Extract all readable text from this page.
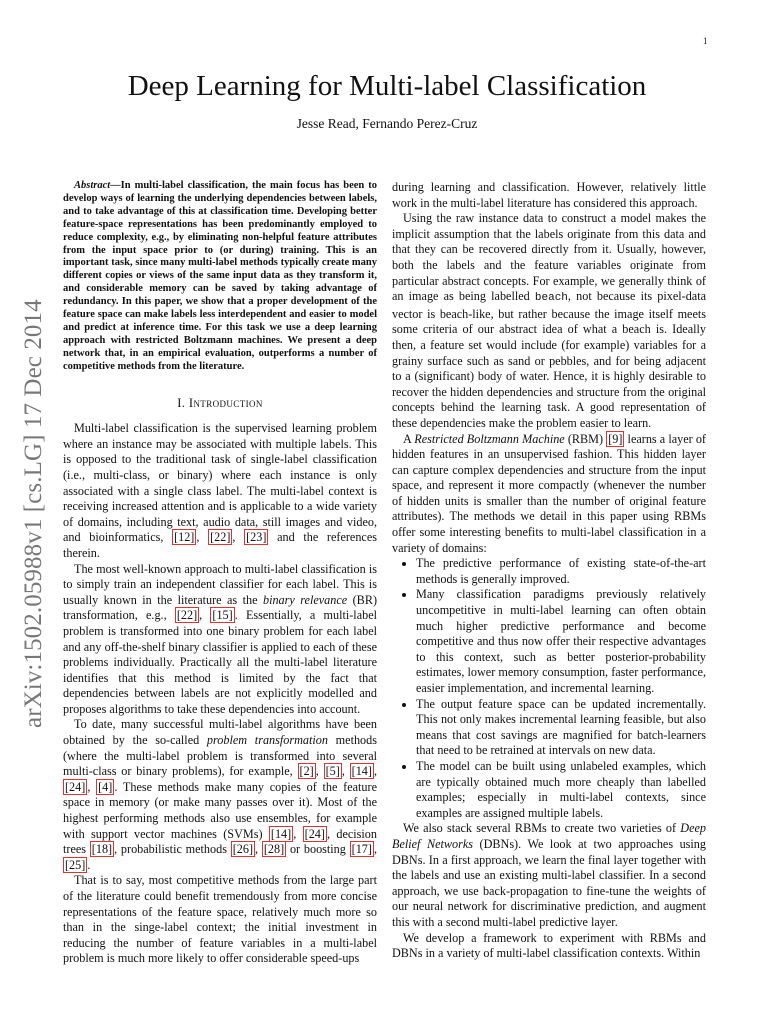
1
arXiv:1502.05988v1 [cs.LG] 17 Dec 2014
Deep Learning for Multi-label Classification
Jesse Read, Fernando Perez-Cruz

Abstract—In multi-label classification, the main focus has been to develop ways of learning the underlying dependencies between labels, and to take advantage of this at classification time. Developing better feature-space representations has been predominantly employed to reduce complexity, e.g., by eliminating non-helpful feature attributes from the input space prior to (or during) training. This is an important task, since many multi-label methods typically create many different copies or views of the same input data as they transform it, and considerable memory can be saved by taking advantage of redundancy. In this paper, we show that a proper development of the feature space can make labels less interdependent and easier to model and predict at inference time. For this task we use a deep learning approach with restricted Boltzmann machines. We present a deep network that, in an empirical evaluation, outperforms a number of competitive methods from the literature.

I. Introduction

Multi-label classification is the supervised learning problem where an instance may be associated with multiple labels. This is opposed to the traditional task of single-label classification (i.e., multi-class, or binary) where each instance is only associated with a single class label. The multi-label context is receiving increased attention and is applicable to a wide variety of domains, including text, audio data, still images and video, and bioinformatics, [12] , [22] , [23] and the references therein.

The most well-known approach to multi-label classification is to simply train an independent classifier for each label. This is usually known in the literature as the binary relevance (BR) transformation, e.g., [22] , [15] . Essentially, a multi-label problem is transformed into one binary problem for each label and any off-the-shelf binary classifier is applied to each of these problems individually. Practically all the multi-label literature identifies that this method is limited by the fact that dependencies between labels are not explicitly modelled and proposes algorithms to take these dependencies into account.

To date, many successful multi-label algorithms have been obtained by the so-called problem transformation methods (where the multi-label problem is transformed into several multi-class or binary problems), for example, [2] , [5] , [14] , [24] , [4] . These methods make many copies of the feature space in memory (or make many passes over it). Most of the highest performing methods also use ensembles, for example with support vector machines (SVMs) [14] , [24] , decision trees [18] , probabilistic methods [26] , [28] or boosting [17] , [25] .

That is to say, most competitive methods from the large part of the literature could benefit tremendously from more concise representations of the feature space, relatively much more so than in the singe-label context; the initial investment in reducing the number of feature variables in a multi-label problem is much more likely to offer considerable speed-ups

during learning and classification. However, relatively little work in the multi-label literature has considered this approach.

Using the raw instance data to construct a model makes the implicit assumption that the labels originate from this data and that they can be recovered directly from it. Usually, however, both the labels and the feature variables originate from particular abstract concepts. For example, we generally think of an image as being labelled beach, not because its pixel-data vector is beach-like, but rather because the image itself meets some criteria of our abstract idea of what a beach is. Ideally then, a feature set would include (for example) variables for a grainy surface such as sand or pebbles, and for being adjacent to a (significant) body of water. Hence, it is highly desirable to recover the hidden dependencies and structure from the original concepts behind the learning task. A good representation of these dependencies make the problem easier to learn.

A Restricted Boltzmann Machine (RBM) [9] learns a layer of hidden features in an unsupervised fashion. This hidden layer can capture complex dependencies and structure from the input space, and represent it more compactly (whenever the number of hidden units is smaller than the number of original feature attributes). The methods we detail in this paper using RBMs offer some interesting benefits to multi-label classification in a variety of domains:

• The predictive performance of existing state-of-the-art methods is generally improved.
• Many classification paradigms previously relatively uncompetitive in multi-label learning can often obtain much higher predictive performance and become competitive and thus now offer their respective advantages to this context, such as better posterior-probability estimates, lower memory consumption, faster performance, easier implementation, and incremental learning.
• The output feature space can be updated incrementally. This not only makes incremental learning feasible, but also means that cost savings are magnified for batch-learners that need to be retrained at intervals on new data.
• The model can be built using unlabeled examples, which are typically obtained much more cheaply than labelled examples; especially in multi-label contexts, since examples are assigned multiple labels.

We also stack several RBMs to create two varieties of Deep Belief Networks (DBNs). We look at two approaches using DBNs. In a first approach, we learn the final layer together with the labels and use an existing multi-label classifier. In a second approach, we use back-propagation to fine-tune the weights of our neural network for discriminative prediction, and augment this with a second multi-label predictive layer.

We develop a framework to experiment with RBMs and DBNs in a variety of multi-label classification contexts. Within
